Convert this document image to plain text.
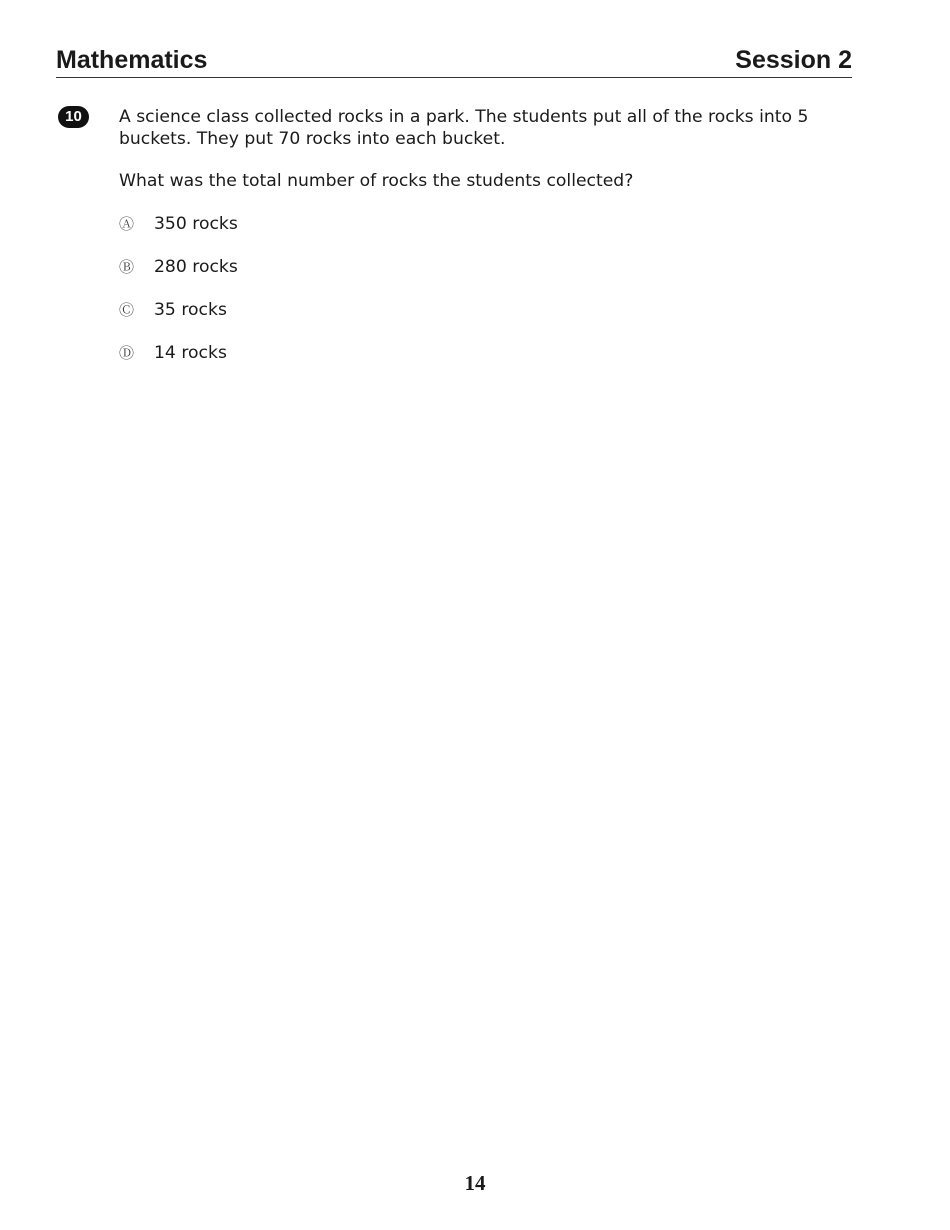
Mathematics	Session 2
10	A science class collected rocks in a park. The students put all of the rocks into 5 buckets. They put 70 rocks into each bucket.

What was the total number of rocks the students collected?

Ⓐ	350 rocks
Ⓑ	280 rocks
Ⓒ	35 rocks
Ⓓ	14 rocks
14
